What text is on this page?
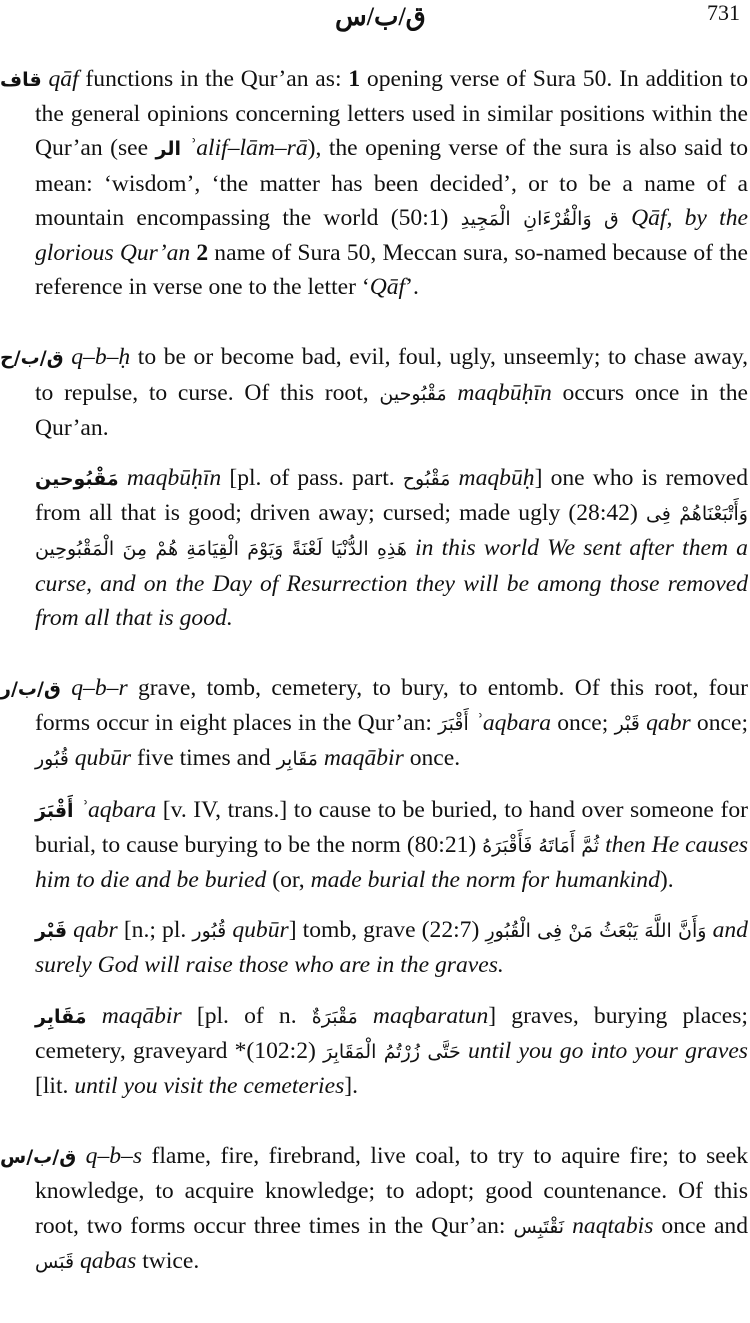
ق/ب/س	731

قاف qāf functions in the Qur’an as: 1 opening verse of Sura 50. In addition to the general opinions concerning letters used in similar positions within the Qur’an (see الر ʾalif–lām–rā), the opening verse of the sura is also said to mean: ‘wisdom’, ‘the matter has been decided’, or to be a name of a mountain encompassing the world (50:1) ق وَالْقُرْءَانِ الْمَجِيدِ Qāf, by the glorious Qur’an 2 name of Sura 50, Meccan sura, so-named because of the reference in verse one to the letter ‘Qāf’.

ق/ب/ح q–b–ḥ to be or become bad, evil, foul, ugly, unseemly; to chase away, to repulse, to curse. Of this root, مَقْبُوحين maqbūḥīn occurs once in the Qur’an.

مَقْبُوحين maqbūḥīn [pl. of pass. part. مَقْبُوح maqbūḥ] one who is removed from all that is good; driven away; cursed; made ugly (28:42) وَأَتْبَعْنَاهُمْ فِى هَذِهِ الدُّنْيَا لَعْنَةً وَيَوْمَ الْقِيَامَةِ هُمْ مِنَ الْمَقْبُوحِين in this world We sent after them a curse, and on the Day of Resurrection they will be among those removed from all that is good.

ق/ب/ر q–b–r grave, tomb, cemetery, to bury, to entomb. Of this root, four forms occur in eight places in the Qur’an: أَقْبَرَ ʾaqbara once; قَبْر qabr once; قُبُور qubūr five times and مَقَابِر maqābir once.

أَقْبَرَ ʾaqbara [v. IV, trans.] to cause to be buried, to hand over someone for burial, to cause burying to be the norm (80:21) ثُمَّ أَمَاتَهُ فَأَقْبَرَهُ then He causes him to die and be buried (or, made burial the norm for humankind).

قَبْر qabr [n.; pl. قُبُور qubūr] tomb, grave (22:7) وَأَنَّ اللَّهَ يَبْعَثُ مَنْ فِى الْقُبُورِ and surely God will raise those who are in the graves.

مَقَابِر maqābir [pl. of n. مَقْبَرَةٌ maqbaratun] graves, burying places; cemetery, graveyard *(102:2) حَتَّى زُرْتُمُ الْمَقَابِرَ until you go into your graves [lit. until you visit the cemeteries].

ق/ب/س q–b–s flame, fire, firebrand, live coal, to try to aquire fire; to seek knowledge, to acquire knowledge; to adopt; good countenance. Of this root, two forms occur three times in the Qur’an: نَقْتَبِس naqtabis once and قَبَس qabas twice.
